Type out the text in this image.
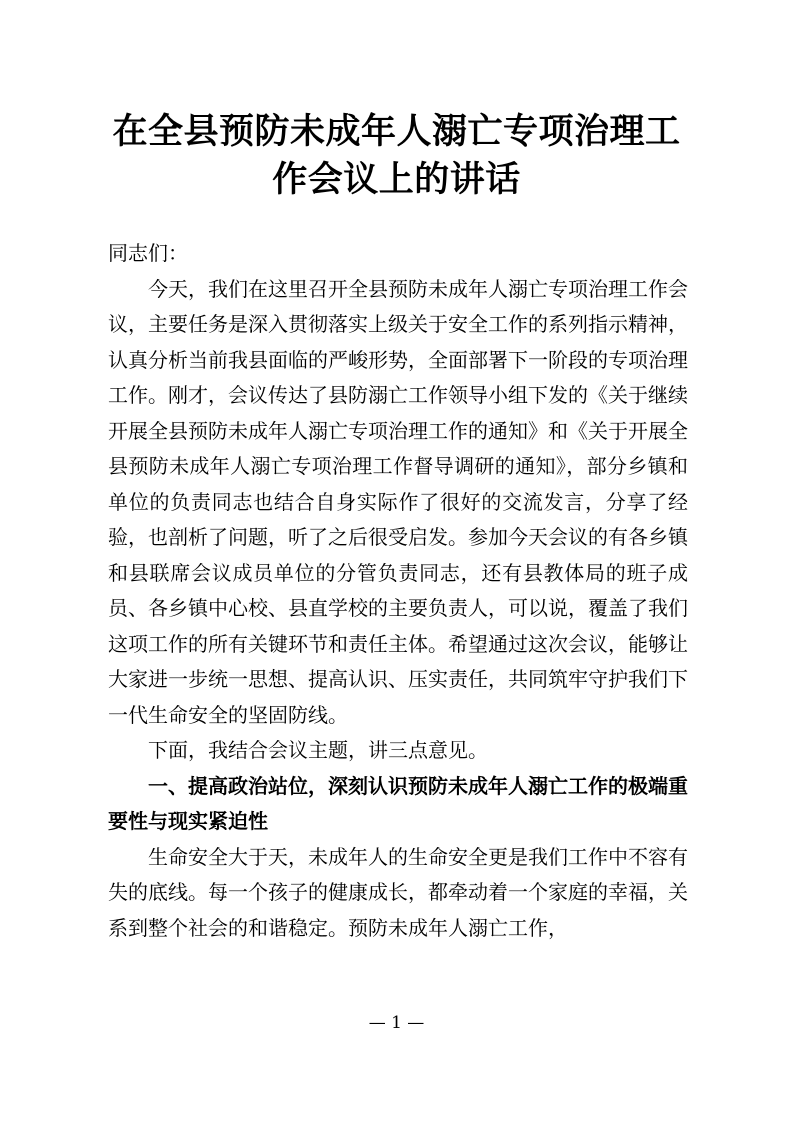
在全县预防未成年人溺亡专项治理工作会议上的讲话

同志们：

今天，我们在这里召开全县预防未成年人溺亡专项治理工作会议，主要任务是深入贯彻落实上级关于安全工作的系列指示精神，认真分析当前我县面临的严峻形势，全面部署下一阶段的专项治理工作。刚才，会议传达了县防溺亡工作领导小组下发的《关于继续开展全县预防未成年人溺亡专项治理工作的通知》和《关于开展全县预防未成年人溺亡专项治理工作督导调研的通知》，部分乡镇和单位的负责同志也结合自身实际作了很好的交流发言，分享了经验，也剖析了问题，听了之后很受启发。参加今天会议的有各乡镇和县联席会议成员单位的分管负责同志，还有县教体局的班子成员、各乡镇中心校、县直学校的主要负责人，可以说，覆盖了我们这项工作的所有关键环节和责任主体。希望通过这次会议，能够让大家进一步统一思想、提高认识、压实责任，共同筑牢守护我们下一代生命安全的坚固防线。

下面，我结合会议主题，讲三点意见。

一、提高政治站位，深刻认识预防未成年人溺亡工作的极端重要性与现实紧迫性

生命安全大于天，未成年人的生命安全更是我们工作中不容有失的底线。每一个孩子的健康成长，都牵动着一个家庭的幸福，关系到整个社会的和谐稳定。预防未成年人溺亡工作，

— 1 —
